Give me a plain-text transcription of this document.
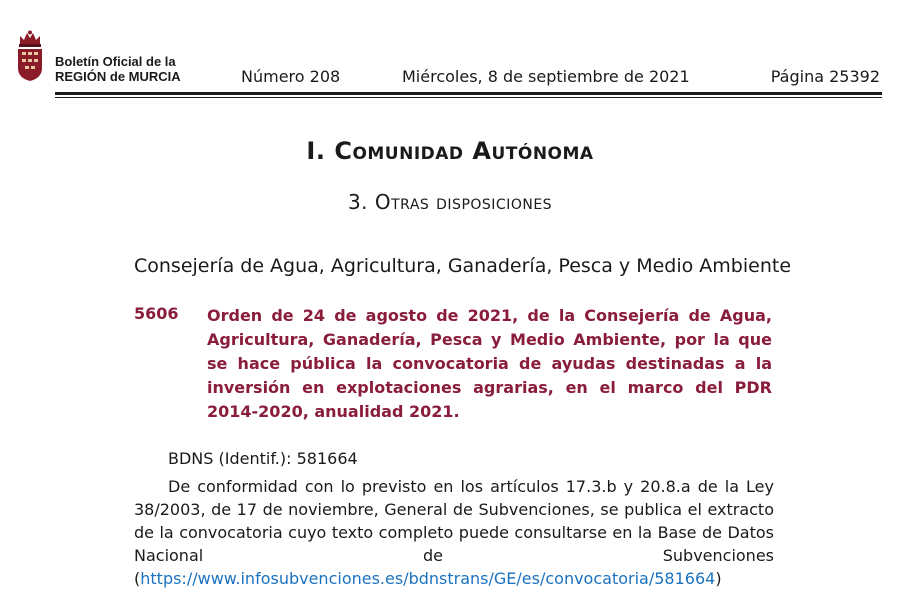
Boletín Oficial de la
REGIÓN de MURCIA	Número 208	Miércoles, 8 de septiembre de 2021	Página 25392
I. Comunidad Autónoma
3. Otras disposiciones
Consejería de Agua, Agricultura, Ganadería, Pesca y Medio Ambiente
5606 Orden de 24 de agosto de 2021, de la Consejería de Agua, Agricultura, Ganadería, Pesca y Medio Ambiente, por la que se hace pública la convocatoria de ayudas destinadas a la inversión en explotaciones agrarias, en el marco del PDR 2014-2020, anualidad 2021.
BDNS (Identif.): 581664
De conformidad con lo previsto en los artículos 17.3.b y 20.8.a de la Ley 38/2003, de 17 de noviembre, General de Subvenciones, se publica el extracto de la convocatoria cuyo texto completo puede consultarse en la Base de Datos Nacional de Subvenciones (https://www.infosubvenciones.es/bdnstrans/GE/es/convocatoria/581664)
